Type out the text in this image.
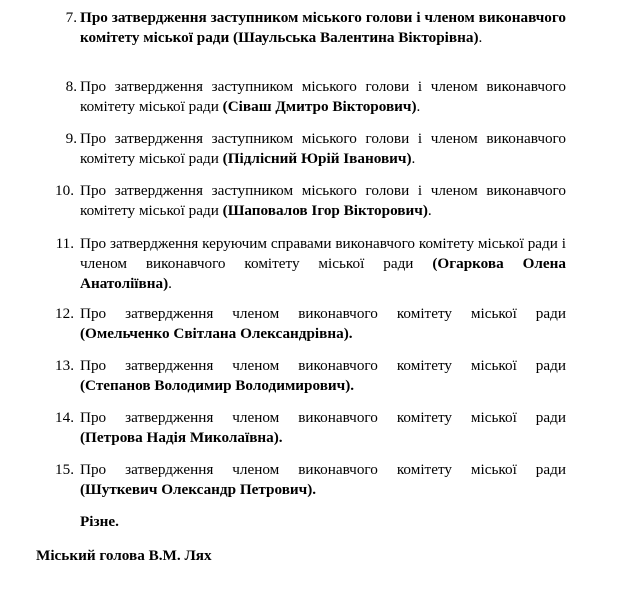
7. Про затвердження заступником міського голови і членом виконавчого комітету міської ради (Шаульська Валентина Вікторівна).

8. Про затвердження заступником міського голови і членом виконавчого комітету міської ради (Сіваш Дмитро Вікторович).

9. Про затвердження заступником міського голови і членом виконавчого комітету міської ради (Підлісний Юрій Іванович).

10. Про затвердження заступником міського голови і членом виконавчого комітету міської ради (Шаповалов Ігор Вікторович).

11. Про затвердження керуючим справами виконавчого комітету міської ради і членом виконавчого комітету міської ради (Огаркова Олена Анатоліївна).

12. Про затвердження членом виконавчого комітету міської ради
(Омельченко Світлана Олександрівна).

13. Про затвердження членом виконавчого комітету міської ради
(Степанов Володимир Володимирович).

14. Про затвердження членом виконавчого комітету міської ради
(Петрова Надія Миколаївна).

15. Про затвердження членом виконавчого комітету міської ради
(Шуткевич Олександр Петрович).

Різне.
Міський голова В.М. Лях
